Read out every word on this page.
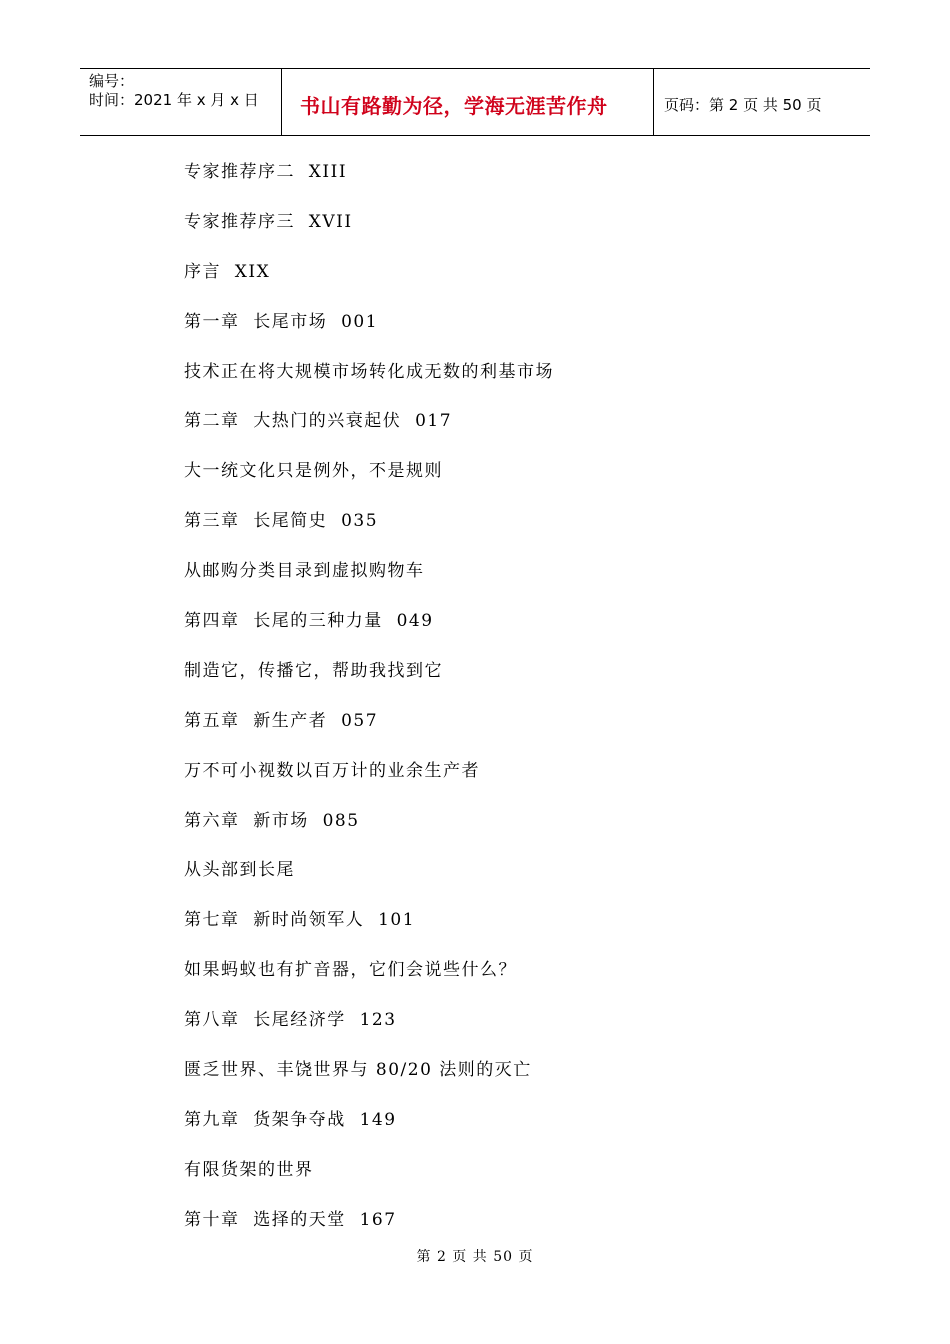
编号：
时间：2021 年 x 月 x 日	书山有路勤为径，学海无涯苦作舟	页码：第 2 页 共 50 页
专家推荐序二  XIII
专家推荐序三  XVII
序言  XIX
第一章  长尾市场  001
技术正在将大规模市场转化成无数的利基市场
第二章  大热门的兴衰起伏  017
大一统文化只是例外，不是规则
第三章  长尾简史  035
从邮购分类目录到虚拟购物车
第四章  长尾的三种力量  049
制造它，传播它，帮助我找到它
第五章  新生产者  057
万不可小视数以百万计的业余生产者
第六章  新市场  085
从头部到长尾
第七章  新时尚领军人  101
如果蚂蚁也有扩音器，它们会说些什么？
第八章  长尾经济学  123
匮乏世界、丰饶世界与 80/20 法则的灭亡
第九章  货架争夺战  149
有限货架的世界
第十章  选择的天堂  167
第 2 页 共 50 页
